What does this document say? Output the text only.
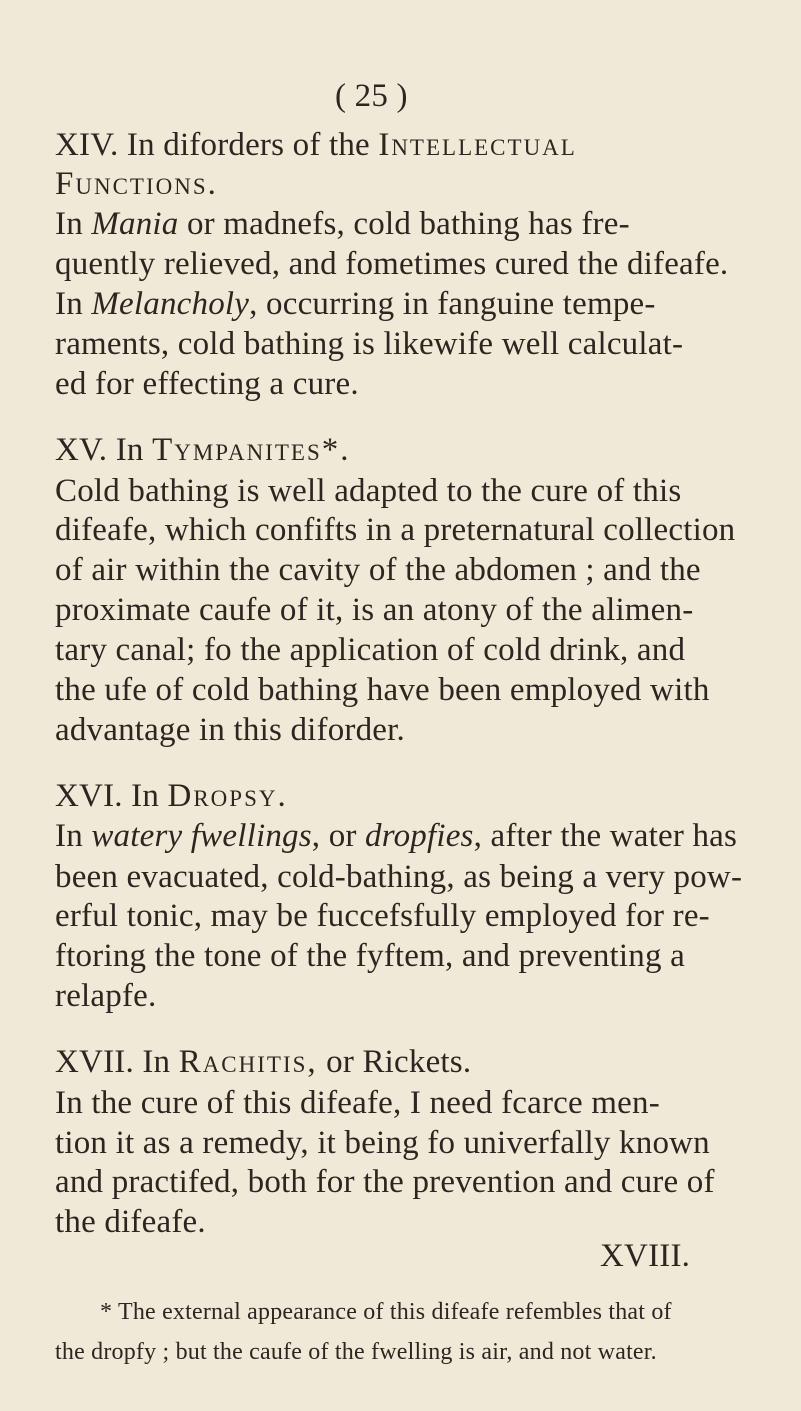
( 25 )
XIV. In diforders of the Intellectual
Functions.
In Mania or madnefs, cold bathing has fre-
quently relieved, and fometimes cured the difeafe.
In Melancholy, occurring in fanguine tempe-
raments, cold bathing is likewife well calculat-
ed for effecting a cure.
XV. In Tympanites*.
Cold bathing is well adapted to the cure of this
difeafe, which confifts in a preternatural collection
of air within the cavity of the abdomen ; and the
proximate caufe of it, is an atony of the alimen-
tary canal; fo the application of cold drink, and
the ufe of cold bathing have been employed with
advantage in this diforder.
XVI. In Dropsy.
In watery fwellings, or dropfies, after the water has
been evacuated, cold-bathing, as being a very pow-
erful tonic, may be fuccefsfully employed for re-
ftoring the tone of the fyftem, and preventing a
relapfe.
XVII. In Rachitis, or Rickets.
In the cure of this difeafe, I need fcarce men-
tion it as a remedy, it being fo univerfally known
and practifed, both for the prevention and cure of
the difeafe.
XVIII.
* The external appearance of this difeafe refembles that of
the dropfy ; but the caufe of the fwelling is air, and not water.
